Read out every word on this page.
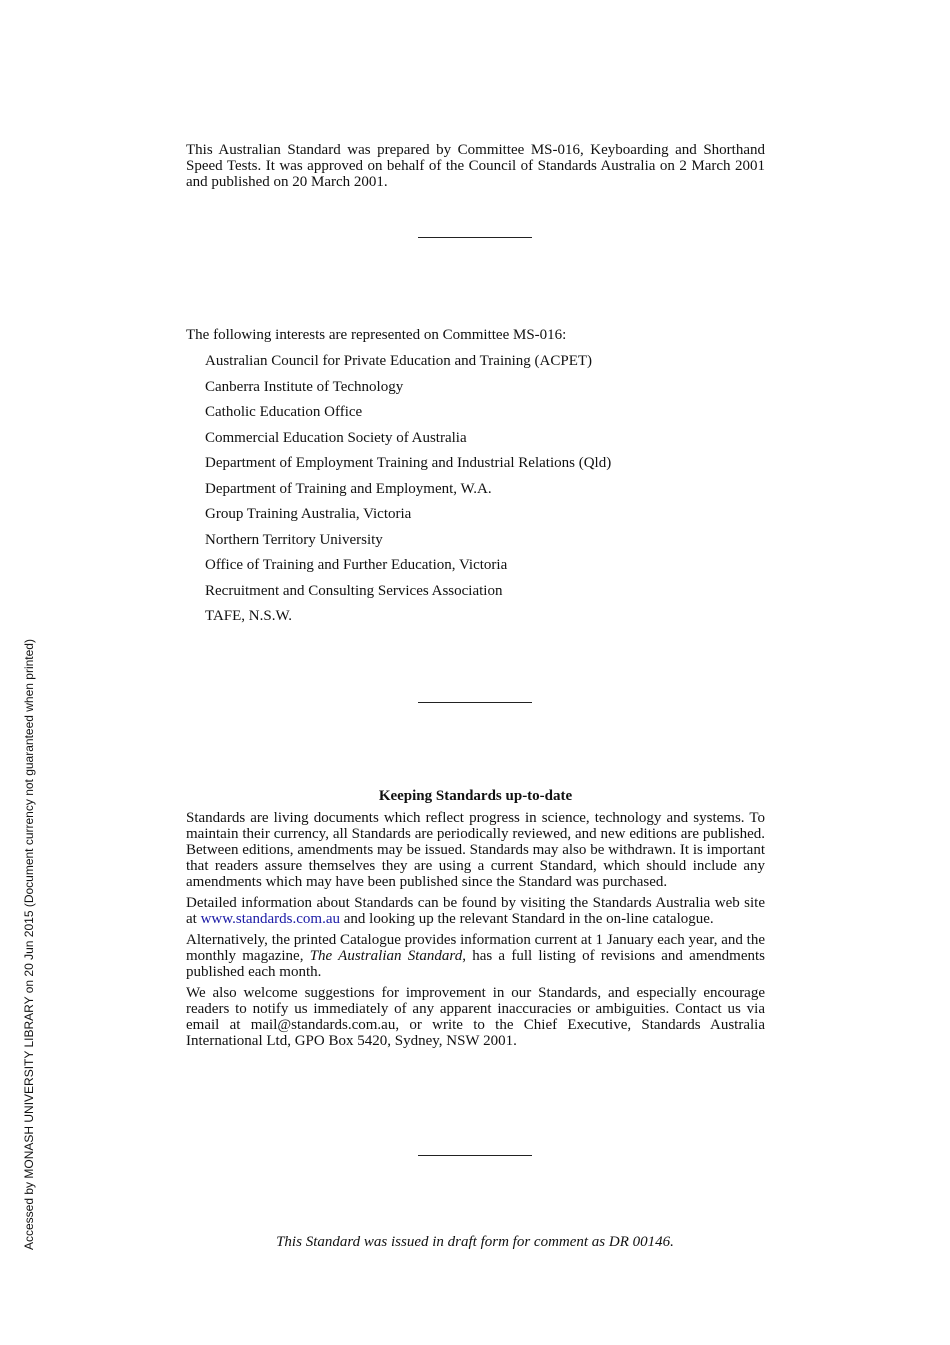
This Australian Standard was prepared by Committee MS-016, Keyboarding and Shorthand Speed Tests. It was approved on behalf of the Council of Standards Australia on 2 March 2001 and published on 20 March 2001.

The following interests are represented on Committee MS-016:

Australian Council for Private Education and Training (ACPET)
Canberra Institute of Technology
Catholic Education Office
Commercial Education Society of Australia
Department of Employment Training and Industrial Relations (Qld)
Department of Training and Employment, W.A.
Group Training Australia, Victoria
Northern Territory University
Office of Training and Further Education, Victoria
Recruitment and Consulting Services Association
TAFE, N.S.W.
Keeping Standards up-to-date

Standards are living documents which reflect progress in science, technology and systems. To maintain their currency, all Standards are periodically reviewed, and new editions are published. Between editions, amendments may be issued. Standards may also be withdrawn. It is important that readers assure themselves they are using a current Standard, which should include any amendments which may have been published since the Standard was purchased.

Detailed information about Standards can be found by visiting the Standards Australia web site at www.standards.com.au and looking up the relevant Standard in the on-line catalogue.

Alternatively, the printed Catalogue provides information current at 1 January each year, and the monthly magazine, The Australian Standard, has a full listing of revisions and amendments published each month.

We also welcome suggestions for improvement in our Standards, and especially encourage readers to notify us immediately of any apparent inaccuracies or ambiguities. Contact us via email at mail@standards.com.au, or write to the Chief Executive, Standards Australia International Ltd, GPO Box 5420, Sydney, NSW 2001.

This Standard was issued in draft form for comment as DR 00146.
Accessed by MONASH UNIVERSITY LIBRARY on 20 Jun 2015 (Document currency not guaranteed when printed)
